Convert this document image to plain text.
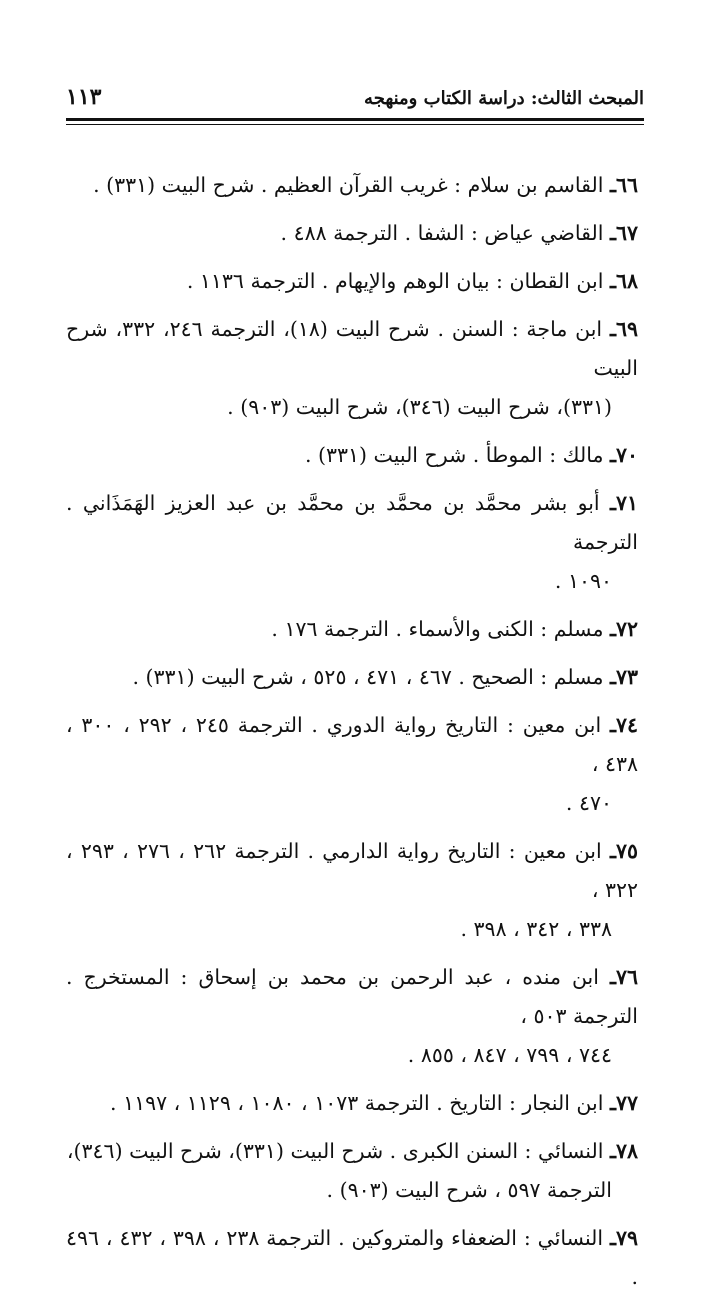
المبحث الثالث: دراسة الكتاب ومنهجه
١١٣
٦٦ـ القاسم بن سلام : غريب القرآن العظيم . شرح البيت (٣٣١) .
٦٧ـ القاضي عياض : الشفا . الترجمة ٤٨٨ .
٦٨ـ ابن القطان : بيان الوهم والإيهام . الترجمة ١١٣٦ .
٦٩ـ ابن ماجة : السنن . شرح البيت (١٨)، الترجمة ٢٤٦، ٣٣٢، شرح البيت
(٣٣١)، شرح البيت (٣٤٦)، شرح البيت (٩٠٣) .
٧٠ـ مالك : الموطأ . شرح البيت (٣٣١) .
٧١ـ أبو بشر محمَّد بن محمَّد بن محمَّد بن عبد العزيز الهَمَذَاني . الترجمة
١٠٩٠ .
٧٢ـ مسلم : الكنى والأسماء . الترجمة ١٧٦ .
٧٣ـ مسلم : الصحيح . ٤٦٧ ، ٤٧١ ، ٥٢٥ ، شرح البيت (٣٣١) .
٧٤ـ ابن معين : التاريخ رواية الدوري . الترجمة ٢٤٥ ، ٢٩٢ ، ٣٠٠ ، ٤٣٨ ،
٤٧٠ .
٧٥ـ ابن معين : التاريخ رواية الدارمي . الترجمة ٢٦٢ ، ٢٧٦ ، ٢٩٣ ، ٣٢٢ ،
٣٣٨ ، ٣٤٢ ، ٣٩٨ .
٧٦ـ ابن منده ، عبد الرحمن بن محمد بن إسحاق : المستخرج . الترجمة ٥٠٣ ،
٧٤٤ ، ٧٩٩ ، ٨٤٧ ، ٨٥٥ .
٧٧ـ ابن النجار : التاريخ . الترجمة ١٠٧٣ ، ١٠٨٠ ، ١١٢٩ ، ١١٩٧ .
٧٨ـ النسائي : السنن الكبرى . شرح البيت (٣٣١)، شرح البيت (٣٤٦)،
الترجمة ٥٩٧ ، شرح البيت (٩٠٣) .
٧٩ـ النسائي : الضعفاء والمتروكين . الترجمة ٢٣٨ ، ٣٩٨ ، ٤٣٢ ، ٤٩٦ .
